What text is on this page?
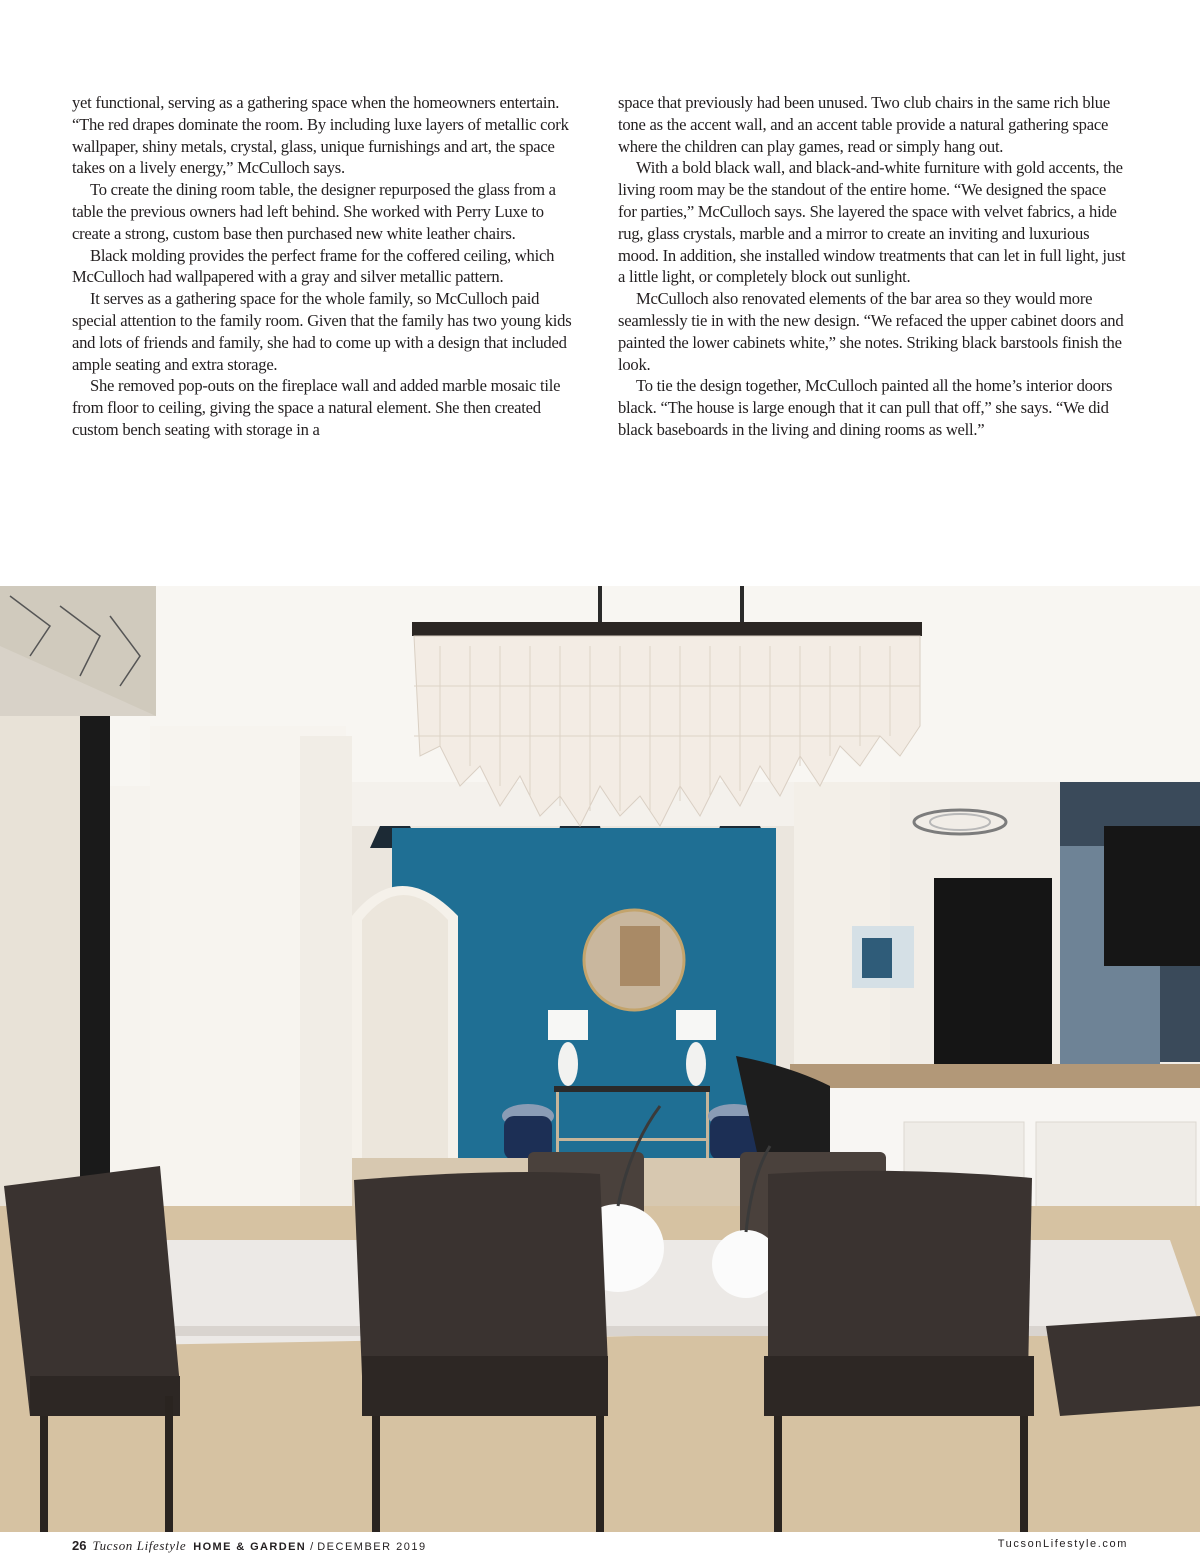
yet functional, serving as a gathering space when the homeowners entertain. “The red drapes dominate the room. By including luxe layers of metallic cork wallpaper, shiny metals, crystal, glass, unique furnishings and art, the space takes on a lively energy,” McCulloch says.

To create the dining room table, the designer repurposed the glass from a table the previous owners had left behind. She worked with Perry Luxe to create a strong, custom base then purchased new white leather chairs.

Black molding provides the perfect frame for the coffered ceiling, which McCulloch had wallpapered with a gray and silver metallic pattern.

It serves as a gathering space for the whole family, so McCulloch paid special attention to the family room. Given that the family has two young kids and lots of friends and family, she had to come up with a design that included ample seating and extra storage.

She removed pop-outs on the fireplace wall and added marble mosaic tile from floor to ceiling, giving the space a natural element. She then created custom bench seating with storage in a

space that previously had been unused. Two club chairs in the same rich blue tone as the accent wall, and an accent table provide a natural gathering space where the children can play games, read or simply hang out.

With a bold black wall, and black-and-white furniture with gold accents, the living room may be the standout of the entire home. “We designed the space for parties,” McCulloch says. She layered the space with velvet fabrics, a hide rug, glass crystals, marble and a mirror to create an inviting and luxurious mood. In addition, she installed window treatments that can let in full light, just a little light, or completely block out sunlight.

McCulloch also renovated elements of the bar area so they would more seamlessly tie in with the new design. “We refaced the upper cabinet doors and painted the lower cabinets white,” she notes. Striking black barstools finish the look.

To tie the design together, McCulloch painted all the home’s interior doors black. “The house is large enough that it can pull that off,” she says. “We did black baseboards in the living and dining rooms as well.”

26 Tucson Lifestyle HOME & GARDEN / DECEMBER 2019	TucsonLifestyle.com
